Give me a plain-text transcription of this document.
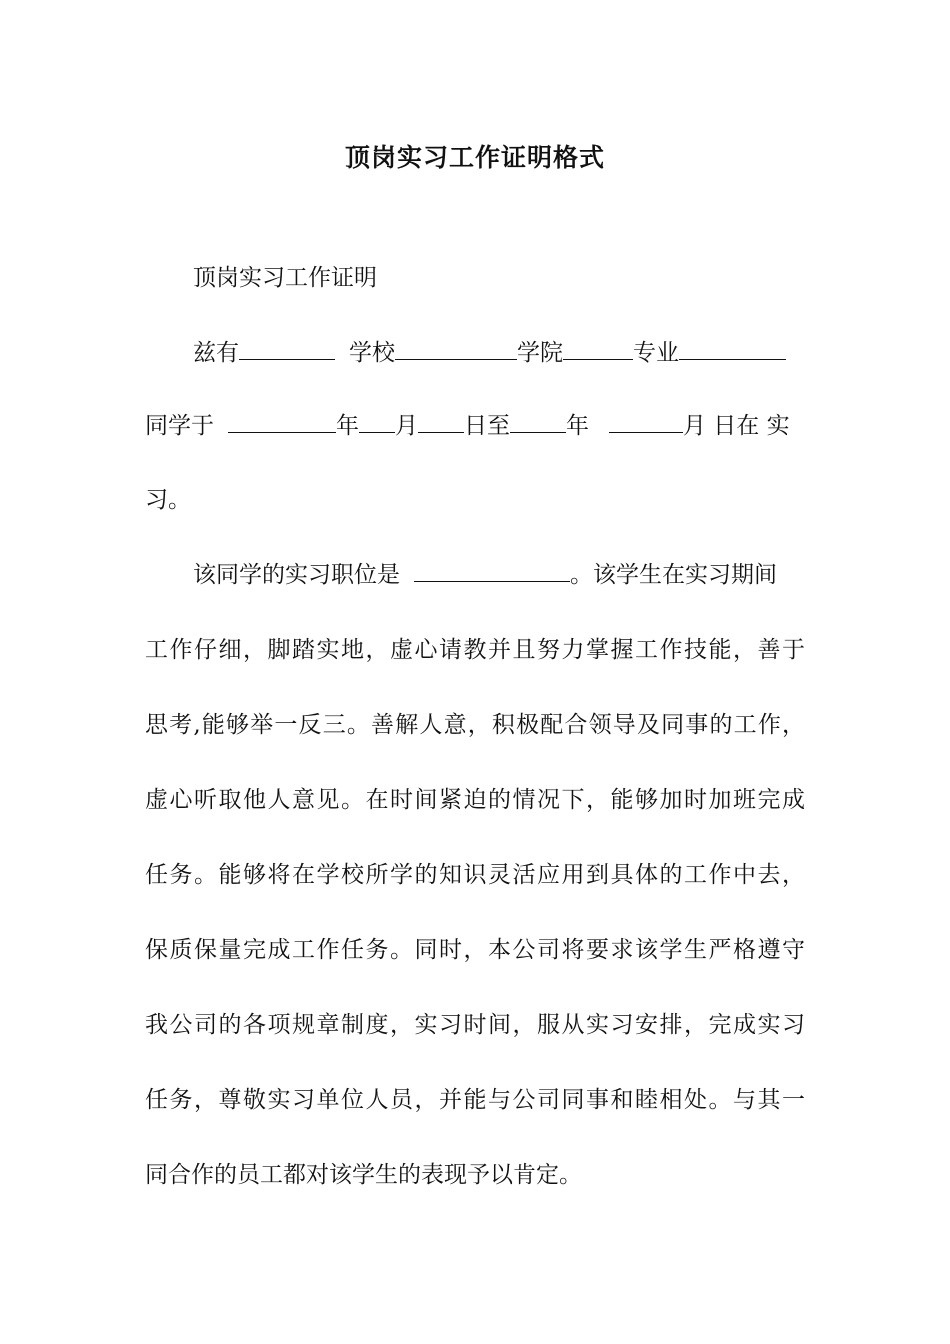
顶岗实习工作证明格式
顶岗实习工作证明
兹有	学校	学院	专业
同学于	年 月 日至 年	月 日在 实
习。
该同学的实习职位是	。该学生在实习期间
工作仔细，脚踏实地，虚心请教并且努力掌握工作技能，善于
思考,能够举一反三。善解人意，积极配合领导及同事的工作，
虚心听取他人意见。在时间紧迫的情况下，能够加时加班完成
任务。能够将在学校所学的知识灵活应用到具体的工作中去，
保质保量完成工作任务。同时，本公司将要求该学生严格遵守
我公司的各项规章制度，实习时间，服从实习安排，完成实习
任务，尊敬实习单位人员，并能与公司同事和睦相处。与其一
同合作的员工都对该学生的表现予以肯定。
